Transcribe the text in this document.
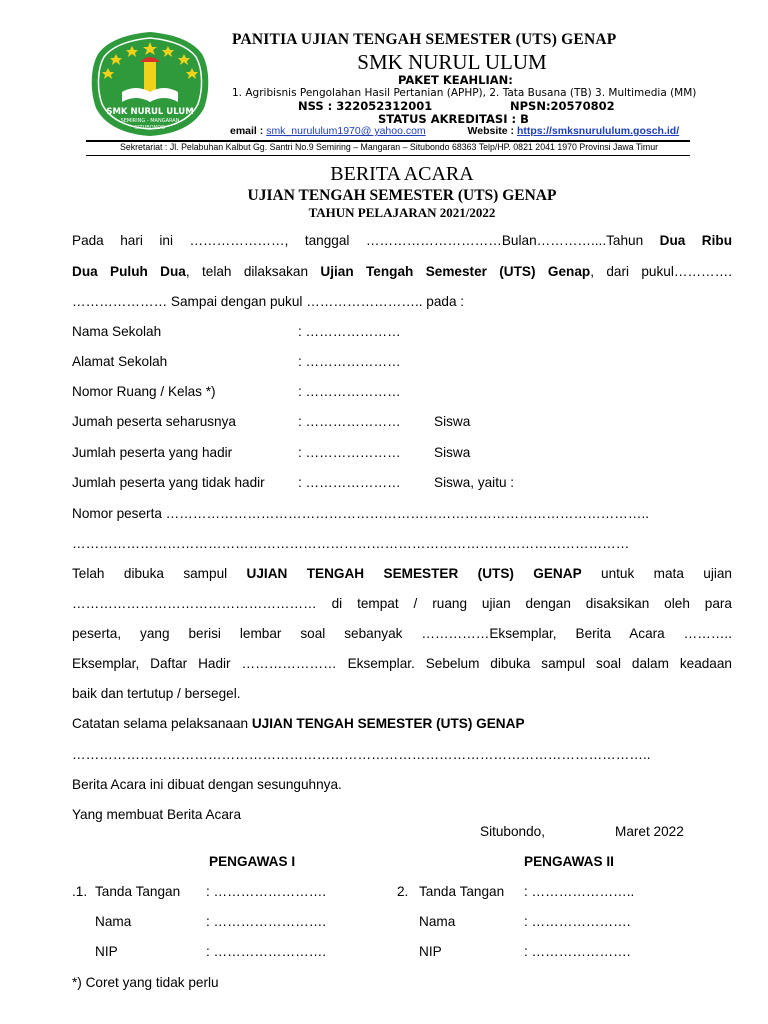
SMK NURUL ULUM
SEMIRING - MANGARAN
SITUBONDO
PANITIA UJIAN TENGAH SEMESTER (UTS) GENAP
SMK NURUL ULUM
PAKET KEAHLIAN:
1. Agribisnis Pengolahan Hasil Pertanian (APHP), 2. Tata Busana (TB) 3. Multimedia (MM)
NSS : 322052312001	NPSN:20570802
STATUS AKREDITASI : B
email : smk_nurululum1970@ yahoo.com	Website : https://smksnurululum.gosch.id/
Sekretariat : Jl. Pelabuhan Kalbut Gg. Santri No.9 Semiring – Mangaran – Situbondo 68363 Telp/HP. 0821 2041 1970 Provinsi Jawa Timur
BERITA ACARA
UJIAN TENGAH SEMESTER (UTS) GENAP
TAHUN PELAJARAN 2021/2022
Pada hari ini …………………, tanggal …………………………Bulan…………....Tahun Dua Ribu
Dua Puluh Dua, telah dilaksakan Ujian Tengah Semester (UTS) Genap, dari pukul………….
………………… Sampai dengan pukul …………………….. pada :
Nama Sekolah	: …………………
Alamat Sekolah	: …………………
Nomor Ruang / Kelas *)	: …………………
Jumah peserta seharusnya	: ………………… Siswa
Jumlah peserta yang hadir	: ………………… Siswa
Jumlah peserta yang tidak hadir : ………………… Siswa, yaitu :
Nomor peserta ……………………………………………………………………………………………..
……………………………………………………………………………………………………………
Telah dibuka sampul UJIAN TENGAH SEMESTER (UTS) GENAP untuk mata ujian
……………………………………………… di tempat / ruang ujian dengan disaksikan oleh para
peserta, yang berisi lembar soal sebanyak ……………Eksemplar, Berita Acara ………..
Eksemplar, Daftar Hadir ………………… Eksemplar. Sebelum dibuka sampul soal dalam keadaan
baik dan tertutup / bersegel.
Catatan selama pelaksanaan UJIAN TENGAH SEMESTER (UTS) GENAP
………………………………………………………………………………………………………………..
Berita Acara ini dibuat dengan sesunguhnya.
Yang membuat Berita Acara
Situbondo,	Maret 2022
PENGAWAS I	PENGAWAS II
.1. Tanda Tangan : …………………….
Nama	: …………………….
NIP	: …………………….
2. Tanda Tangan : …………………..
Nama	: ………………….
NIP	: ………………….
*) Coret yang tidak perlu
